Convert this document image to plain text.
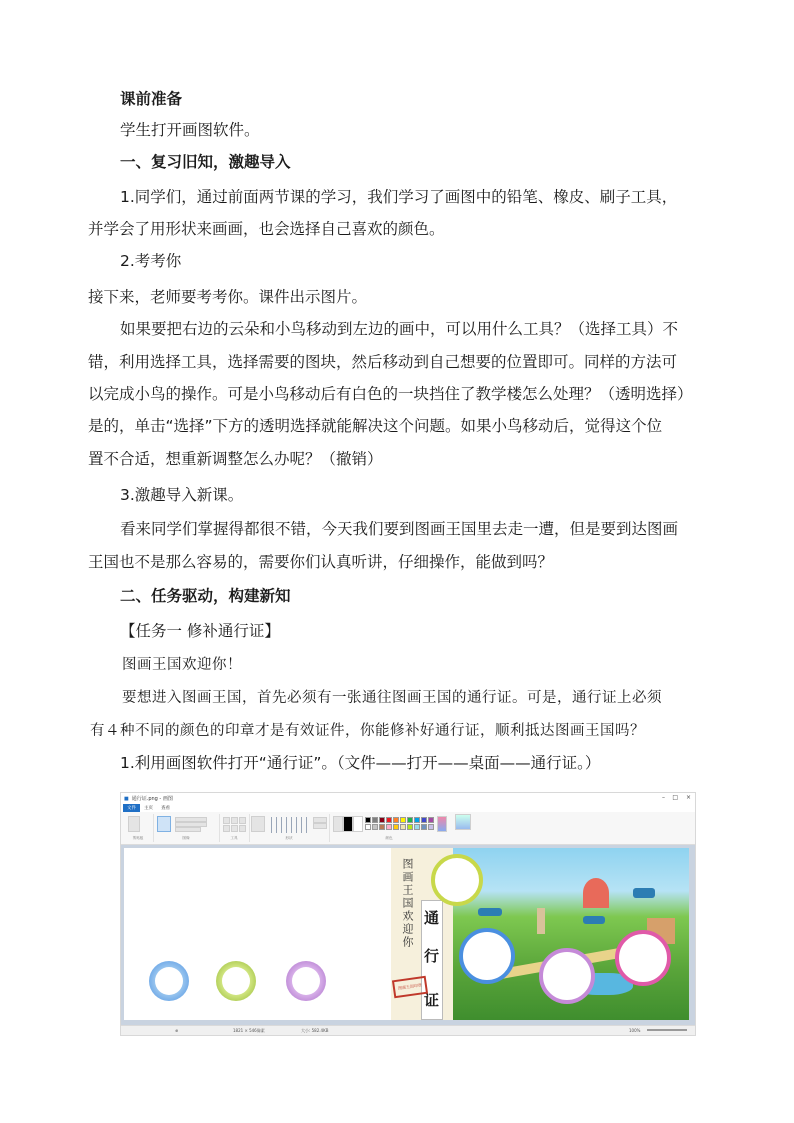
课前准备

学生打开画图软件。

一、复习旧知，激趣导入

1.同学们，通过前面两节课的学习，我们学习了画图中的铅笔、橡皮、刷子工具，

并学会了用形状来画画，也会选择自己喜欢的颜色。

2.考考你

接下来，老师要考考你。课件出示图片。

如果要把右边的云朵和小鸟移动到左边的画中，可以用什么工具？（选择工具）不

错，利用选择工具，选择需要的图块，然后移动到自己想要的位置即可。同样的方法可

以完成小鸟的操作。可是小鸟移动后有白色的一块挡住了教学楼怎么处理？（透明选择）

是的，单击“选择”下方的透明选择就能解决这个问题。如果小鸟移动后，觉得这个位

置不合适，想重新调整怎么办呢？（撤销）

3.激趣导入新课。

看来同学们掌握得都很不错，今天我们要到图画王国里去走一遭，但是要到达图画

王国也不是那么容易的，需要你们认真听讲，仔细操作，能做到吗？

二、任务驱动，构建新知

【任务一 修补通行证】

图画王国欢迎你！

要想进入图画王国，首先必须有一张通往图画王国的通行证。可是，通行证上必须

有４种不同的颜色的印章才是有效证件，你能修补好通行证，顺利抵达图画王国吗？

1.利用画图软件打开“通行证”。（文件——打开——桌面——通行证。）

■ 通行证.png - 画图	– □ ×
文件	主页	查看
剪贴板	图像	工具	形状	颜色
图画王国欢迎你 通
行
证
图画王国印章
⊕	1821 × 546像素	大小: 582.4KB	100%
